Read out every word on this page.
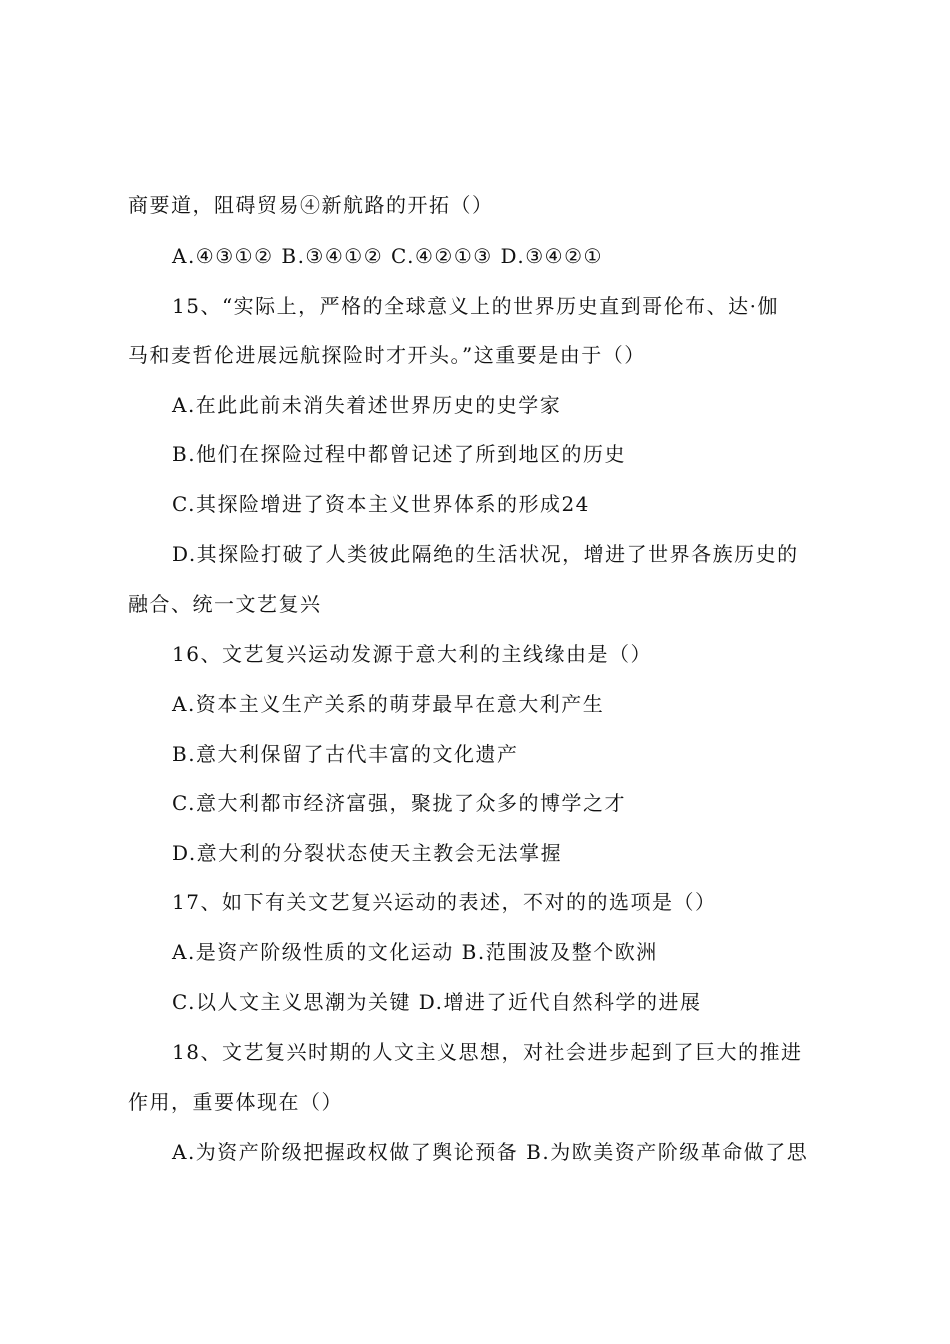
商要道，阻碍贸易④新航路的开拓（）
A.④③①② B.③④①② C.④②①③ D.③④②①
15、“实际上，严格的全球意义上的世界历史直到哥伦布、达·伽
马和麦哲伦进展远航探险时才开头。”这重要是由于（）
A.在此此前未消失着述世界历史的史学家
B.他们在探险过程中都曾记述了所到地区的历史
C.其探险增进了资本主义世界体系的形成24
D.其探险打破了人类彼此隔绝的生活状况，增进了世界各族历史的
融合、统一文艺复兴
16、文艺复兴运动发源于意大利的主线缘由是（）
A.资本主义生产关系的萌芽最早在意大利产生
B.意大利保留了古代丰富的文化遗产
C.意大利都市经济富强，聚拢了众多的博学之才
D.意大利的分裂状态使天主教会无法掌握
17、如下有关文艺复兴运动的表述，不对的的选项是（）
A.是资产阶级性质的文化运动 B.范围波及整个欧洲
C.以人文主义思潮为关键 D.增进了近代自然科学的进展
18、文艺复兴时期的人文主义思想，对社会进步起到了巨大的推进
作用，重要体现在（）
A.为资产阶级把握政权做了舆论预备 B.为欧美资产阶级革命做了思
